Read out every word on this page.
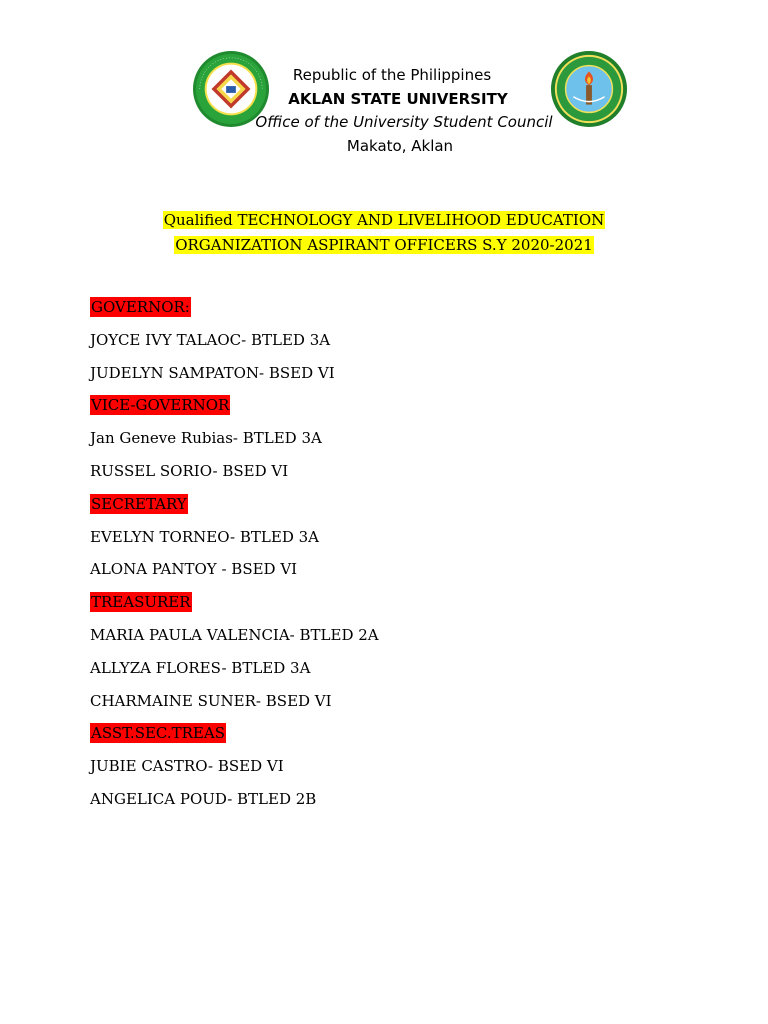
Republic of the Philippines
AKLAN STATE UNIVERSITY
Office of the University Student Council
Makato, Aklan
Qualified TECHNOLOGY AND LIVELIHOOD EDUCATION
ORGANIZATION ASPIRANT OFFICERS S.Y 2020-2021
GOVERNOR:
JOYCE IVY TALAOC- BTLED 3A
JUDELYN SAMPATON- BSED VI
VICE-GOVERNOR
Jan Geneve Rubias- BTLED 3A
RUSSEL SORIO- BSED VI
SECRETARY
EVELYN TORNEO- BTLED 3A
ALONA PANTOY - BSED VI
TREASURER
MARIA PAULA VALENCIA- BTLED 2A
ALLYZA FLORES- BTLED 3A
CHARMAINE SUNER- BSED VI
ASST.SEC.TREAS
JUBIE CASTRO- BSED VI
ANGELICA POUD- BTLED 2B
